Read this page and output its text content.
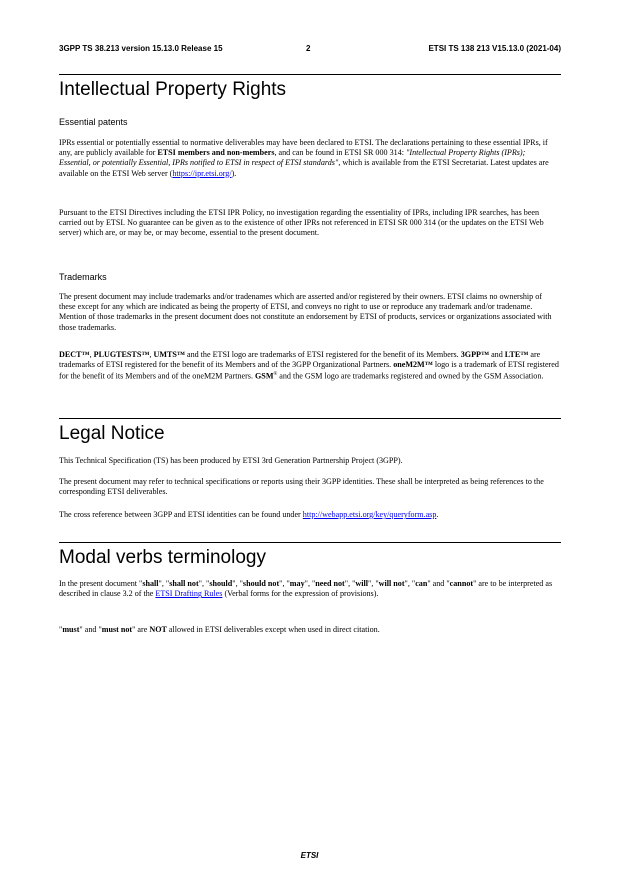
3GPP TS 38.213 version 15.13.0 Release 15	2	ETSI TS 138 213 V15.13.0 (2021-04)
Intellectual Property Rights
Essential patents
IPRs essential or potentially essential to normative deliverables may have been declared to ETSI. The declarations pertaining to these essential IPRs, if any, are publicly available for ETSI members and non-members, and can be found in ETSI SR 000 314: "Intellectual Property Rights (IPRs); Essential, or potentially Essential, IPRs notified to ETSI in respect of ETSI standards", which is available from the ETSI Secretariat. Latest updates are available on the ETSI Web server (https://ipr.etsi.org/).
Pursuant to the ETSI Directives including the ETSI IPR Policy, no investigation regarding the essentiality of IPRs, including IPR searches, has been carried out by ETSI. No guarantee can be given as to the existence of other IPRs not referenced in ETSI SR 000 314 (or the updates on the ETSI Web server) which are, or may be, or may become, essential to the present document.
Trademarks
The present document may include trademarks and/or tradenames which are asserted and/or registered by their owners. ETSI claims no ownership of these except for any which are indicated as being the property of ETSI, and conveys no right to use or reproduce any trademark and/or tradename. Mention of those trademarks in the present document does not constitute an endorsement by ETSI of products, services or organizations associated with those trademarks.
DECT™, PLUGTESTS™, UMTS™ and the ETSI logo are trademarks of ETSI registered for the benefit of its Members. 3GPP™ and LTE™ are trademarks of ETSI registered for the benefit of its Members and of the 3GPP Organizational Partners. oneM2M™ logo is a trademark of ETSI registered for the benefit of its Members and of the oneM2M Partners. GSM® and the GSM logo are trademarks registered and owned by the GSM Association.
Legal Notice
This Technical Specification (TS) has been produced by ETSI 3rd Generation Partnership Project (3GPP).
The present document may refer to technical specifications or reports using their 3GPP identities. These shall be interpreted as being references to the corresponding ETSI deliverables.
The cross reference between 3GPP and ETSI identities can be found under http://webapp.etsi.org/key/queryform.asp.
Modal verbs terminology
In the present document "shall", "shall not", "should", "should not", "may", "need not", "will", "will not", "can" and "cannot" are to be interpreted as described in clause 3.2 of the ETSI Drafting Rules (Verbal forms for the expression of provisions).
"must" and "must not" are NOT allowed in ETSI deliverables except when used in direct citation.
ETSI
